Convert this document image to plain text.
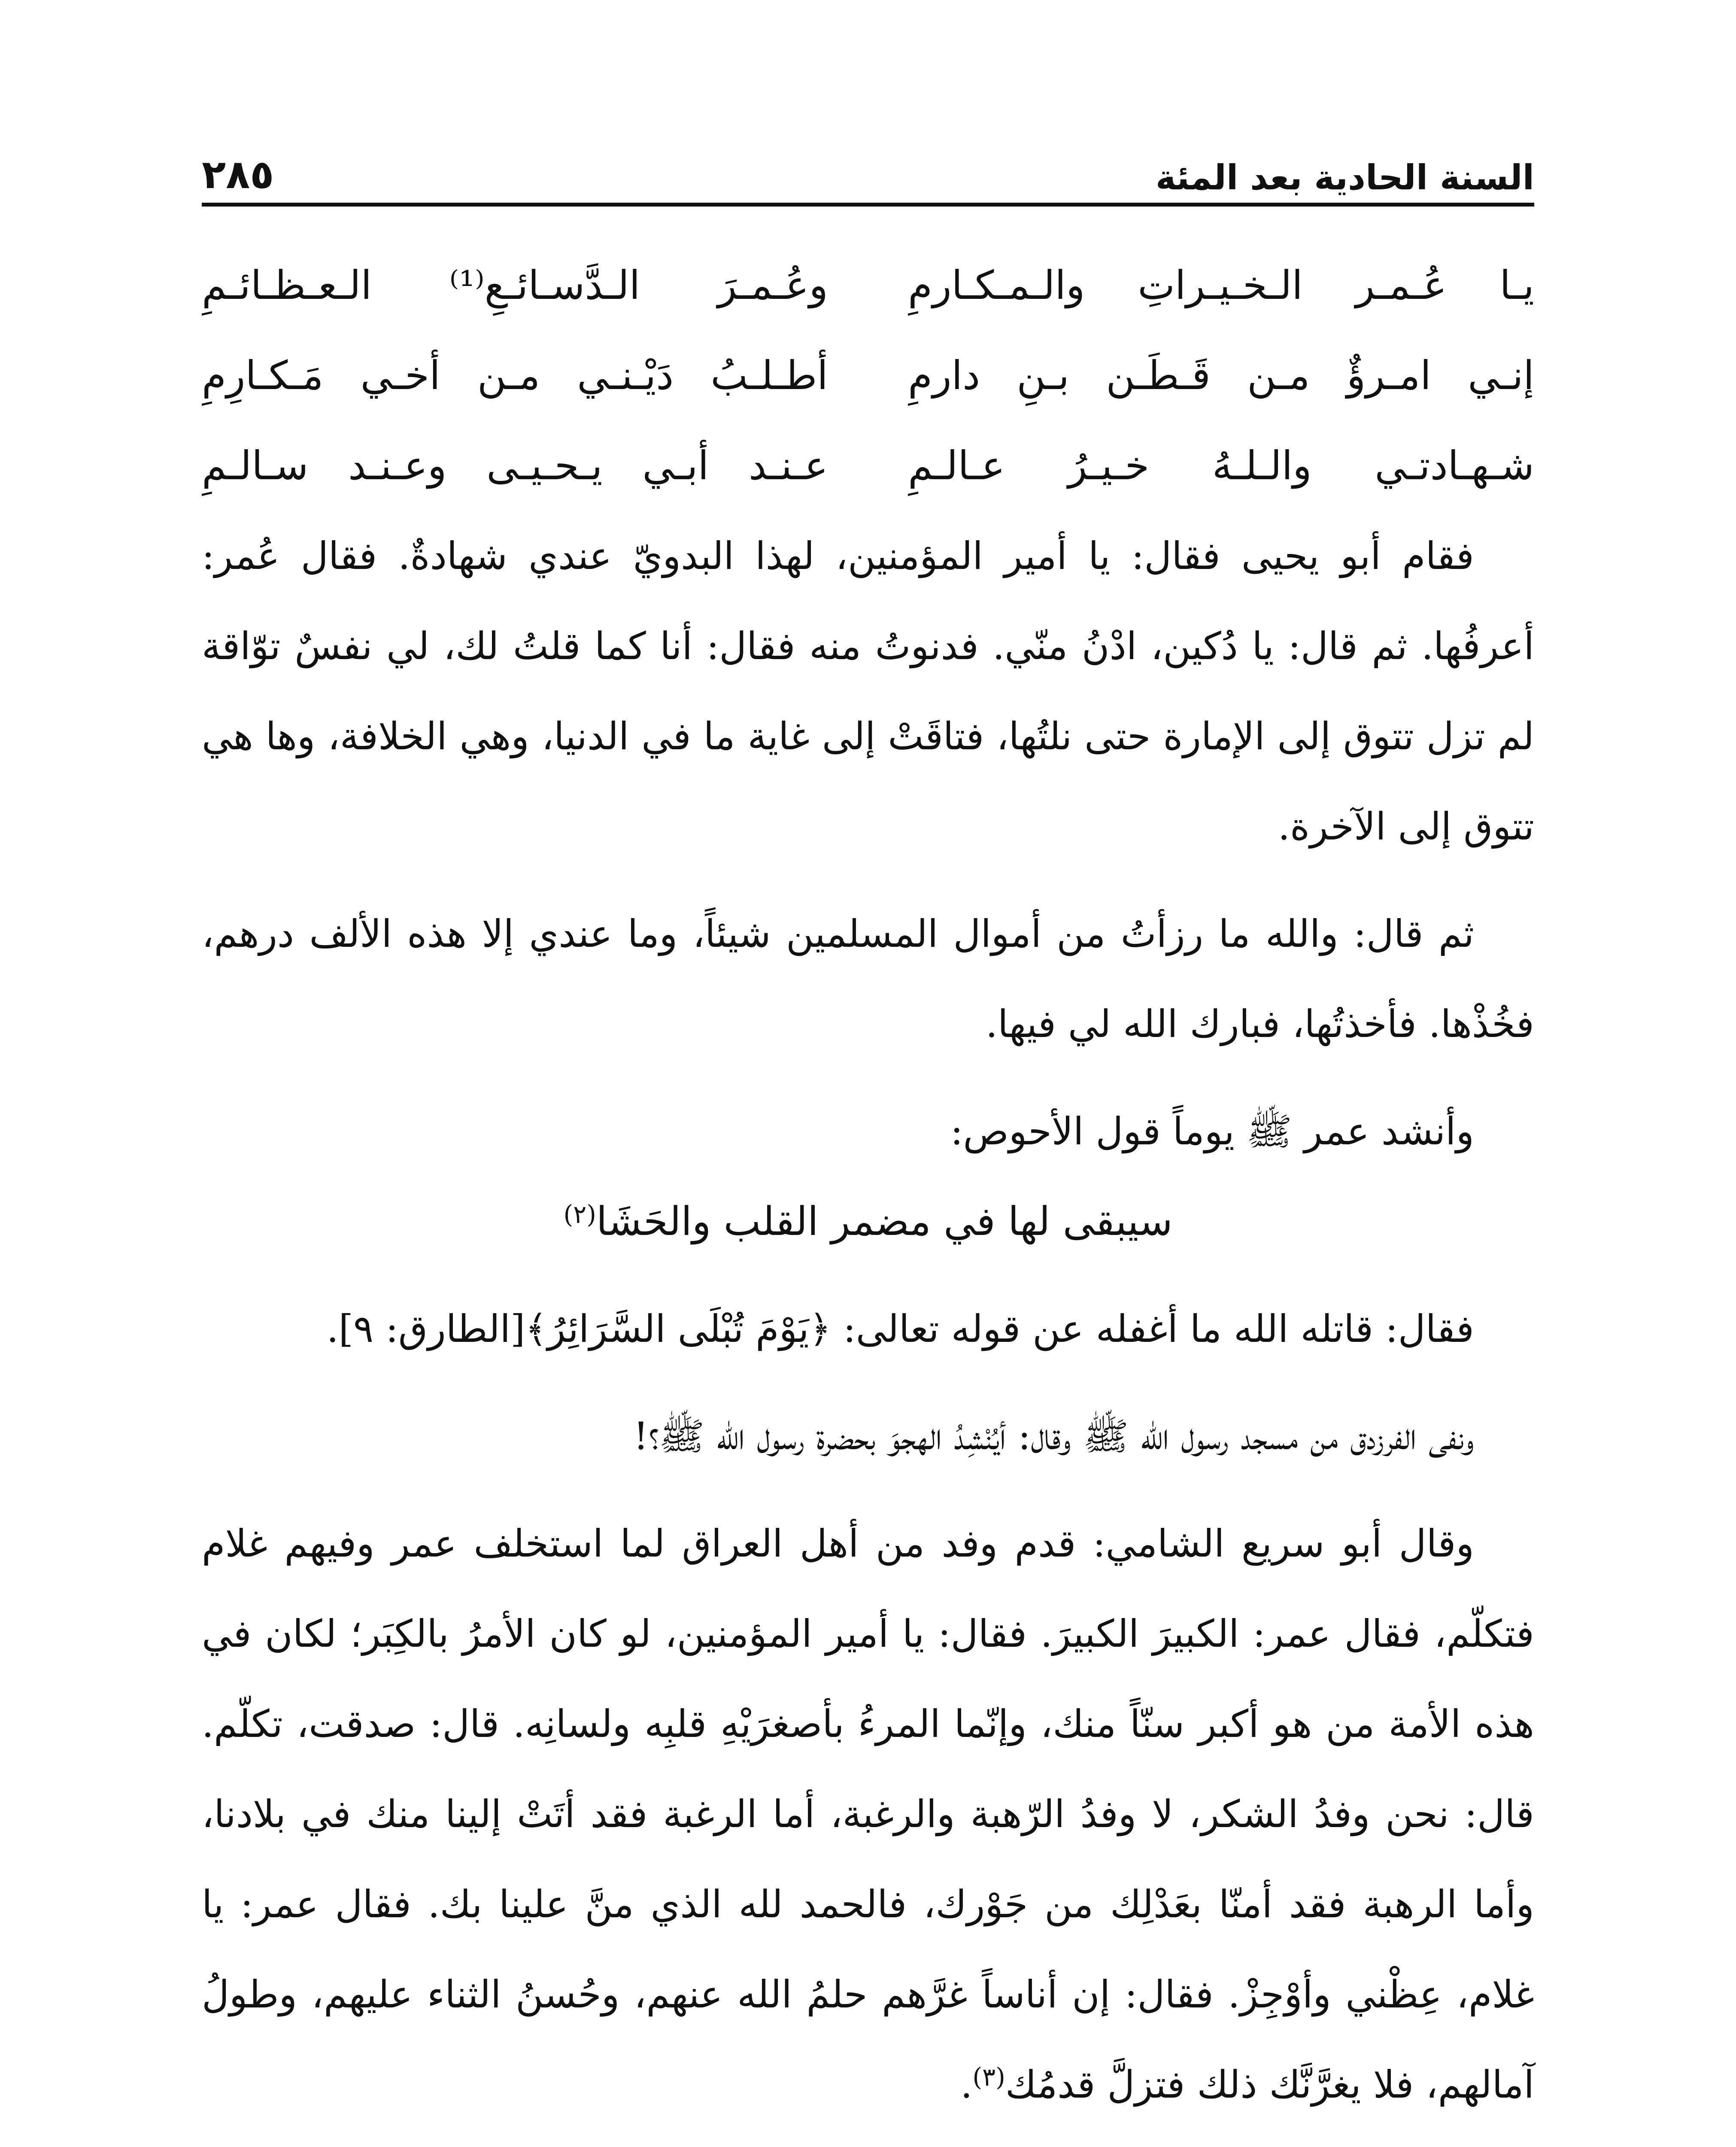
السنة الحادية بعد المئة
٢٨٥
يـا عُـمـر الـخـيـراتِ والـمـكـارمِ
وعُـمـرَ الـدَّسـائـعِ⁽¹⁾ الـعـظـائـمِ
إنـي امـرؤٌ مـن قَـطَـن بـنِ دارمِ
أطـلـبُ دَيْـنـي مـن أخـي مَـكـارِمِ
شـهـادتـي والـلـهُ خـيـرُ عـالـمِ
عـنـد أبـي يـحـيـى وعـنـد سـالـمِ

فقام أبو يحيى فقال: يا أمير المؤمنين، لهذا البدويّ عندي شهادةٌ. فقال عُمر: أعرفُها. ثم قال: يا دُكين، ادْنُ منّي. فدنوتُ منه فقال: أنا كما قلتُ لك، لي نفسٌ توّاقة لم تزل تتوق إلى الإمارة حتى نلتُها، فتاقَتْ إلى غاية ما في الدنيا، وهي الخلافة، وها هي تتوق إلى الآخرة.

ثم قال: والله ما رزأتُ من أموال المسلمين شيئاً، وما عندي إلا هذه الألف درهم، فخُذْها. فأخذتُها، فبارك الله لي فيها.

وأنشد عمر ﷺ يوماً قول الأحوص:

سيبقى لها في مضمر القلب والحَشَا$^{(٢)}$

فقال: قاتله الله ما أغفله عن قوله تعالى: ﴿يَوْمَ تُبْلَى السَّرَائِرُ﴾[الطارق: ٩].

ونفى الفرزدق من مسجد رسول الله ﷺ وقال: أيُنْشِدُ الهجوَ بحضرة رسول الله ﷺ؟!

وقال أبو سريع الشامي: قدم وفد من أهل العراق لما استخلف عمر وفيهم غلام فتكلّم، فقال عمر: الكبيرَ الكبيرَ. فقال: يا أمير المؤمنين، لو كان الأمرُ بالكِبَر؛ لكان في هذه الأمة من هو أكبر سنّاً منك، وإنّما المرءُ بأصغرَيْهِ قلبِه ولسانِه. قال: صدقت، تكلّم. قال: نحن وفدُ الشكر، لا وفدُ الرّهبة والرغبة، أما الرغبة فقد أتَتْ إلينا منك في بلادنا، وأما الرهبة فقد أمنّا بعَدْلِك من جَوْرك، فالحمد لله الذي منَّ علينا بك. فقال عمر: يا غلام، عِظْني وأوْجِزْ. فقال: إن أناساً غرَّهم حلمُ الله عنهم، وحُسنُ الثناء عليهم، وطولُ آمالهم، فلا يغرَّنَّك ذلك فتزلَّ قدمُك$^{(٣)}$.
